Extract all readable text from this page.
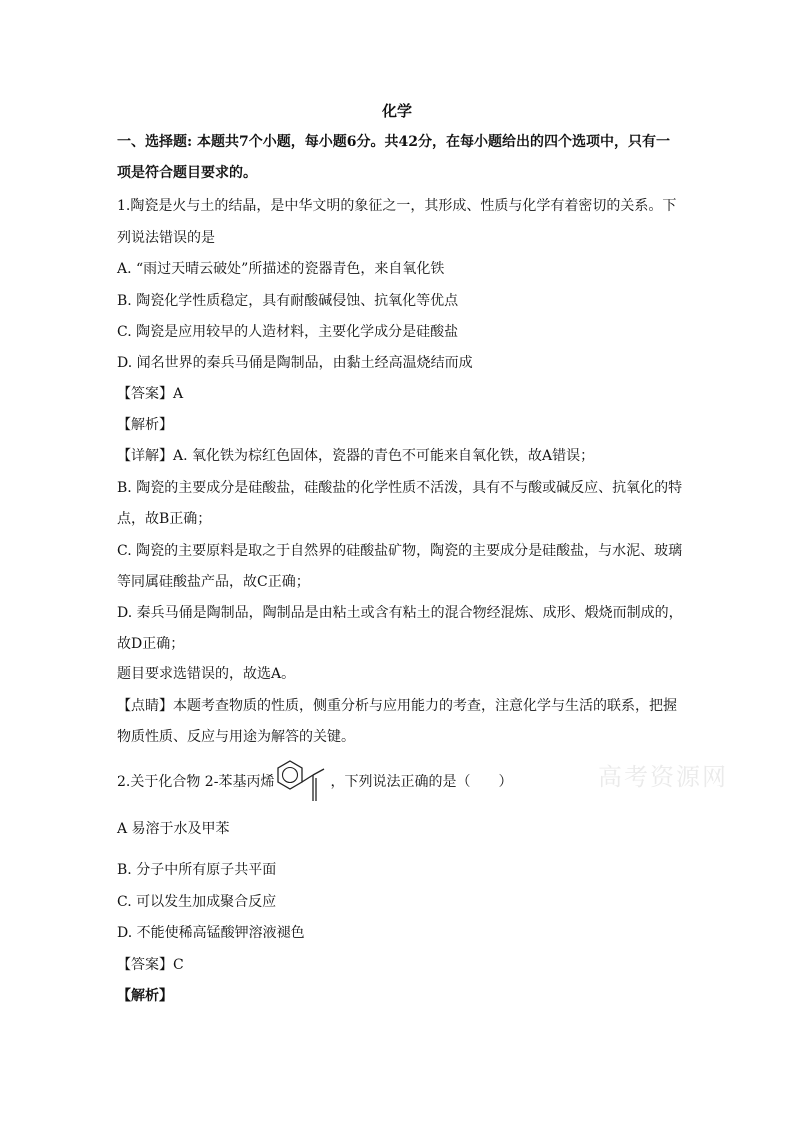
化学
一、选择题: 本题共7个小题，每小题6分。共42分，在每小题给出的四个选项中，只有一
项是符合题目要求的。
1.陶瓷是火与土的结晶，是中华文明的象征之一，其形成、性质与化学有着密切的关系。下
列说法错误的是
A. “雨过天晴云破处”所描述的瓷器青色，来自氧化铁
B. 陶瓷化学性质稳定，具有耐酸碱侵蚀、抗氧化等优点
C. 陶瓷是应用较早的人造材料，主要化学成分是硅酸盐
D. 闻名世界的秦兵马俑是陶制品，由黏土经高温烧结而成
【答案】A
【解析】
【详解】A. 氧化铁为棕红色固体，瓷器的青色不可能来自氧化铁，故A错误；
B. 陶瓷的主要成分是硅酸盐，硅酸盐的化学性质不活泼，具有不与酸或碱反应、抗氧化的特
点，故B正确；
C. 陶瓷的主要原料是取之于自然界的硅酸盐矿物，陶瓷的主要成分是硅酸盐，与水泥、玻璃
等同属硅酸盐产品，故C正确；
D. 秦兵马俑是陶制品，陶制品是由粘土或含有粘土的混合物经混炼、成形、煅烧而制成的，
故D正确；
题目要求选错误的，故选A。
【点睛】本题考查物质的性质，侧重分析与应用能力的考查，注意化学与生活的联系，把握
物质性质、反应与用途为解答的关键。
2.关于化合物 2-苯基丙烯	，下列说法正确的是（　　）	高考资源网
A 易溶于水及甲苯
B. 分子中所有原子共平面
C. 可以发生加成聚合反应
D. 不能使稀高锰酸钾溶液褪色
【答案】C
【解析】
